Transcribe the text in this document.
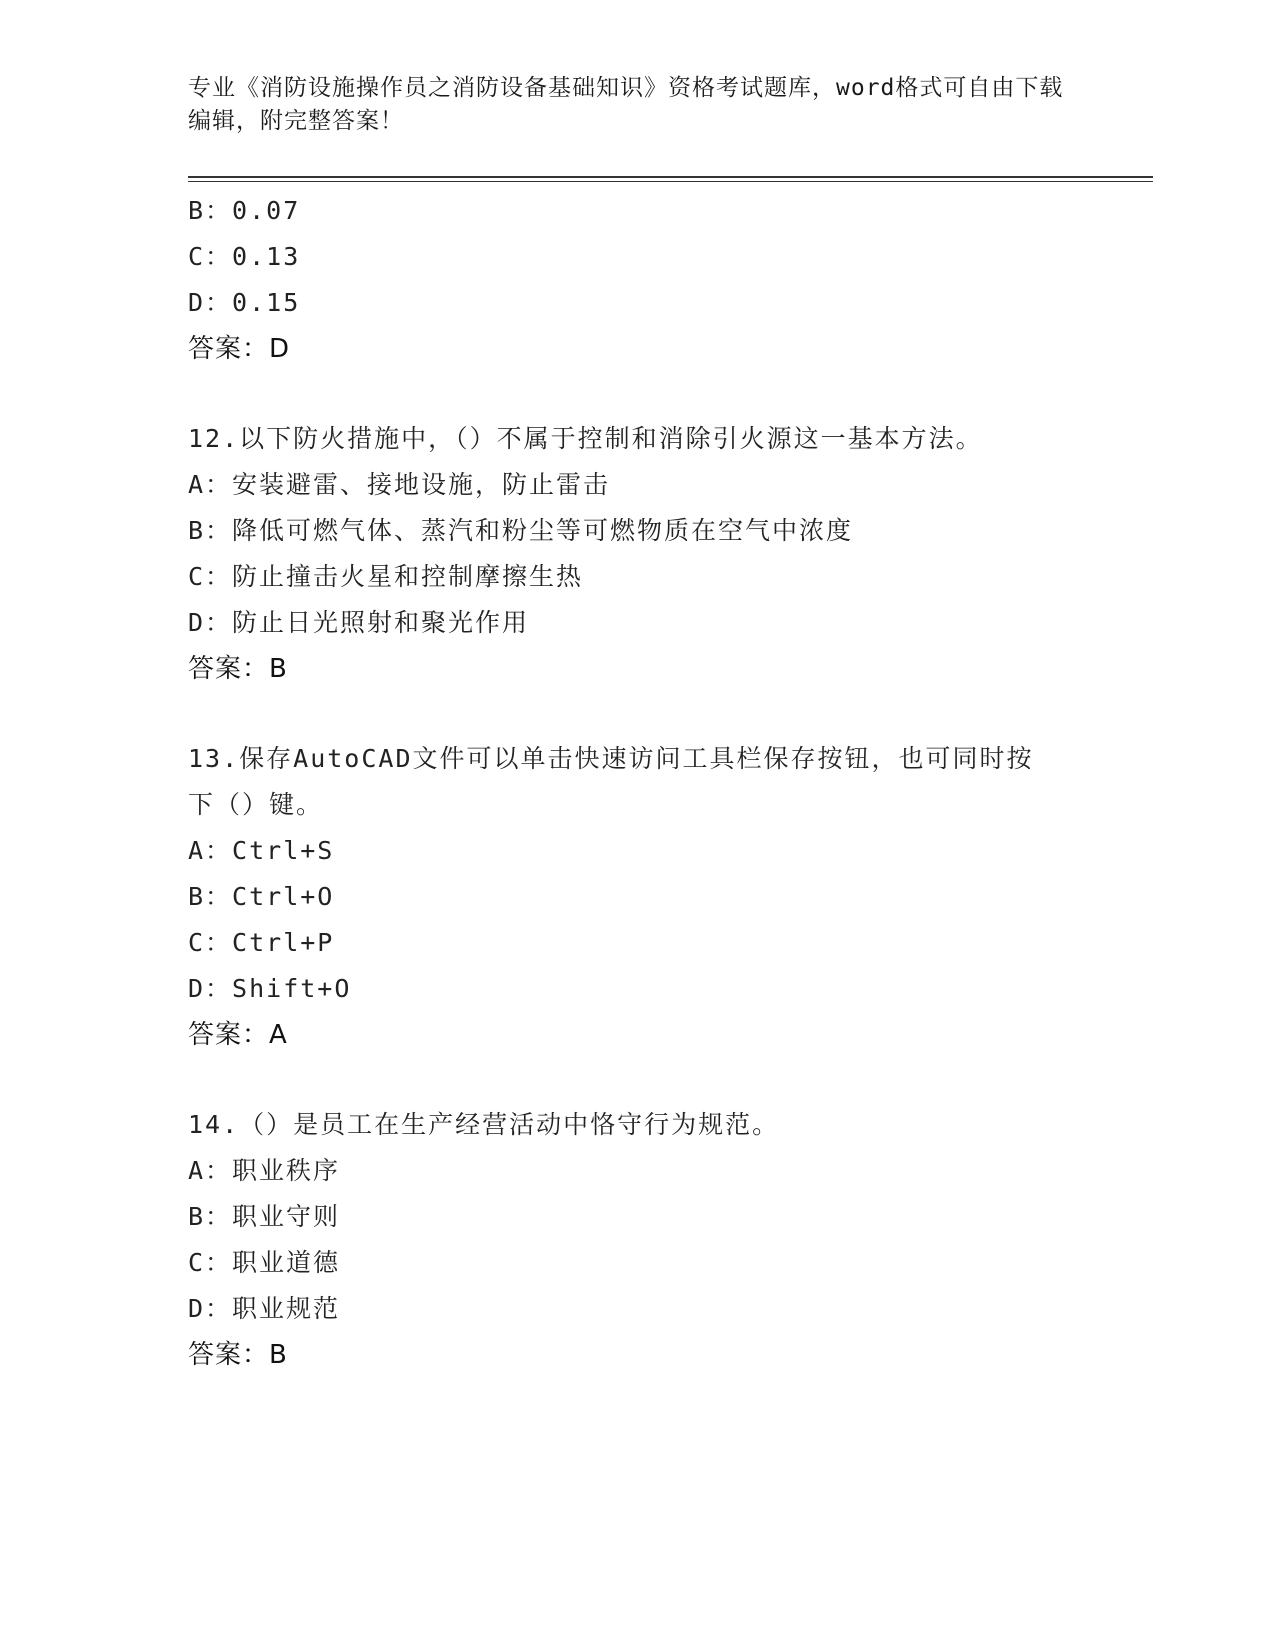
专业《消防设施操作员之消防设备基础知识》资格考试题库，word格式可自由下载编辑，附完整答案！
B：0.07
C：0.13
D：0.15
答案：D
12.以下防火措施中，（）不属于控制和消除引火源这一基本方法。
A：安装避雷、接地设施，防止雷击
B：降低可燃气体、蒸汽和粉尘等可燃物质在空气中浓度
C：防止撞击火星和控制摩擦生热
D：防止日光照射和聚光作用
答案：B
13.保存AutoCAD文件可以单击快速访问工具栏保存按钮，也可同时按下（）键。
A：Ctrl+S
B：Ctrl+O
C：Ctrl+P
D：Shift+O
答案：A
14.（）是员工在生产经营活动中恪守行为规范。
A：职业秩序
B：职业守则
C：职业道德
D：职业规范
答案：B
